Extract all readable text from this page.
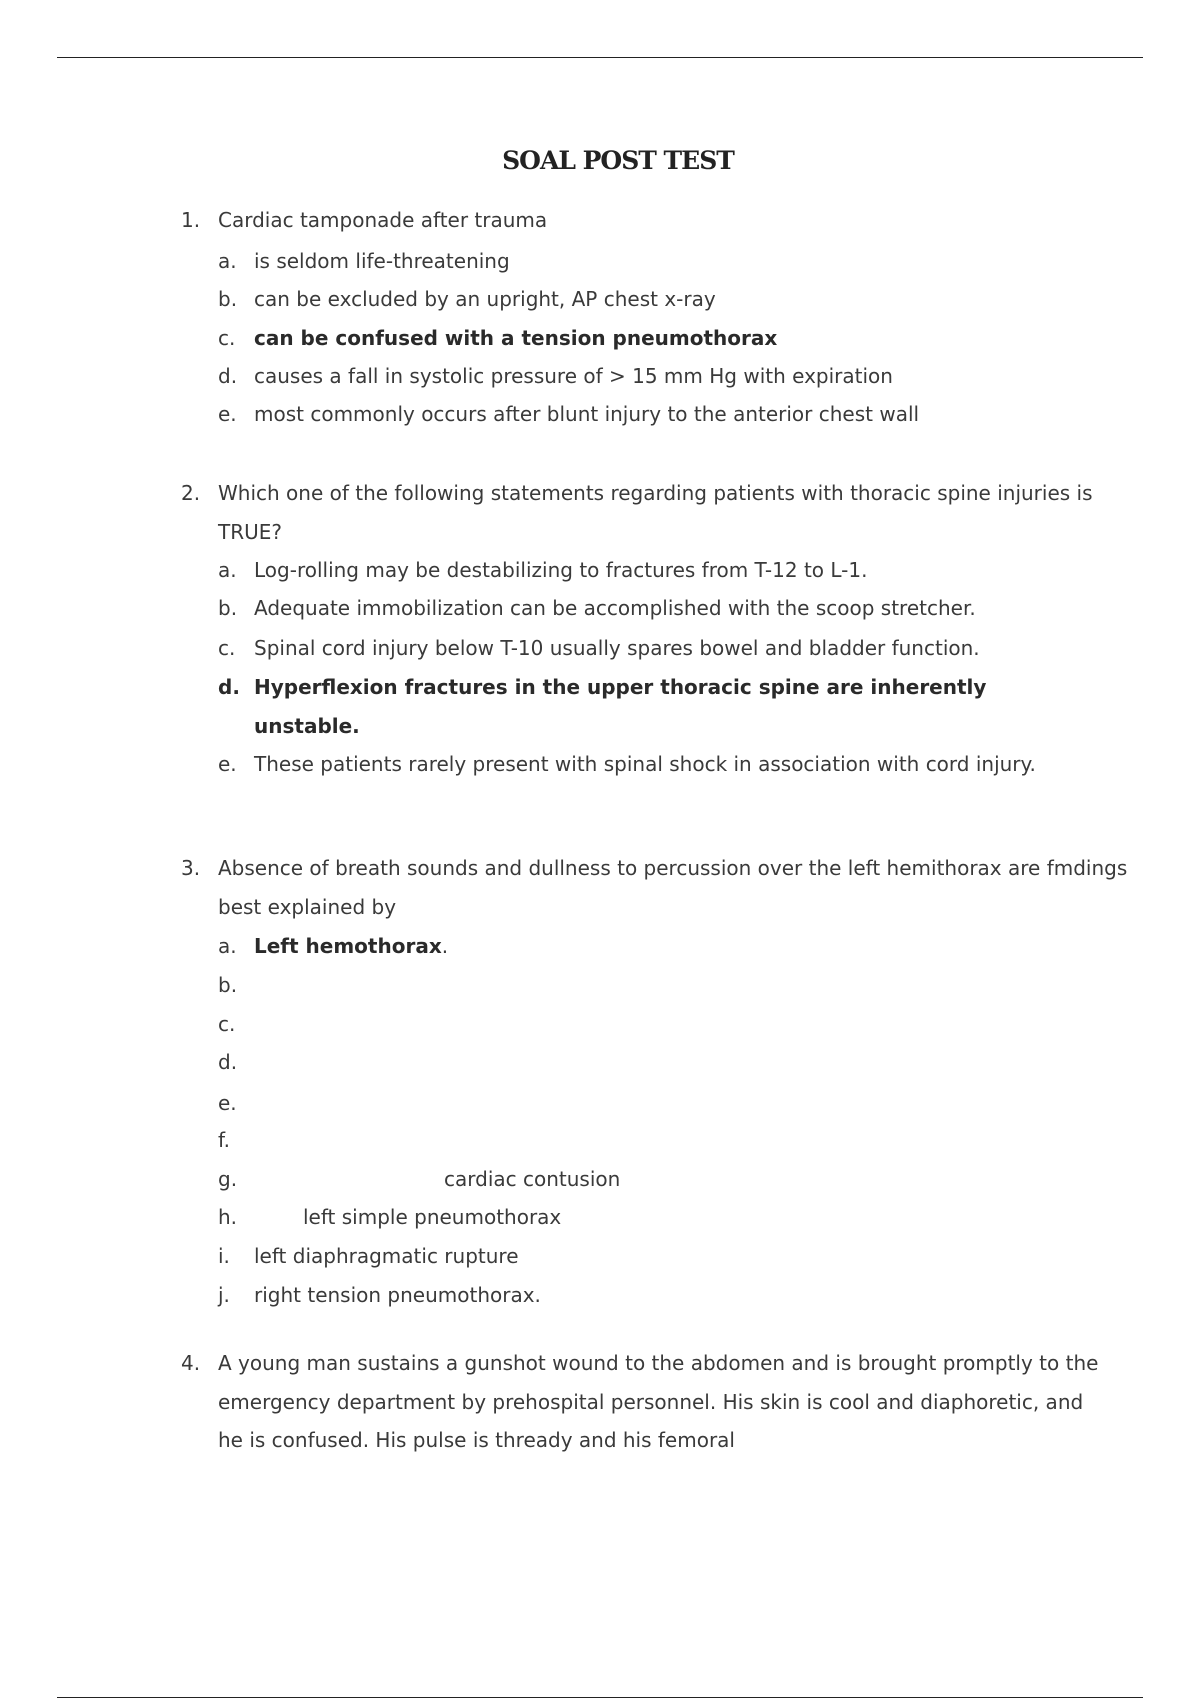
SOAL POST TEST
1. Cardiac tamponade after trauma
a. is seldom life-threatening
b. can be excluded by an upright, AP chest x-ray
c. can be confused with a tension pneumothorax
d. causes a fall in systolic pressure of > 15 mm Hg with expiration
e. most commonly occurs after blunt injury to the anterior chest wall
2. Which one of the following statements regarding patients with thoracic spine injuries is TRUE?
a. Log-rolling may be destabilizing to fractures from T-12 to L-1.
b. Adequate immobilization can be accomplished with the scoop stretcher.
c. Spinal cord injury below T-10 usually spares bowel and bladder function.
d. Hyperflexion fractures in the upper thoracic spine are inherently unstable.
e. These patients rarely present with spinal shock in association with cord injury.
3. Absence of breath sounds and dullness to percussion over the left hemithorax are fmdings best explained by
a. Left hemothorax.
b.
c.
d.
e.
f.
g.	cardiac contusion
h.	left simple pneumothorax
i. left diaphragmatic rupture
j. right tension pneumothorax.
4. A young man sustains a gunshot wound to the abdomen and is brought promptly to the emergency department by prehospital personnel. His skin is cool and diaphoretic, and he is confused. His pulse is thready and his femoral
